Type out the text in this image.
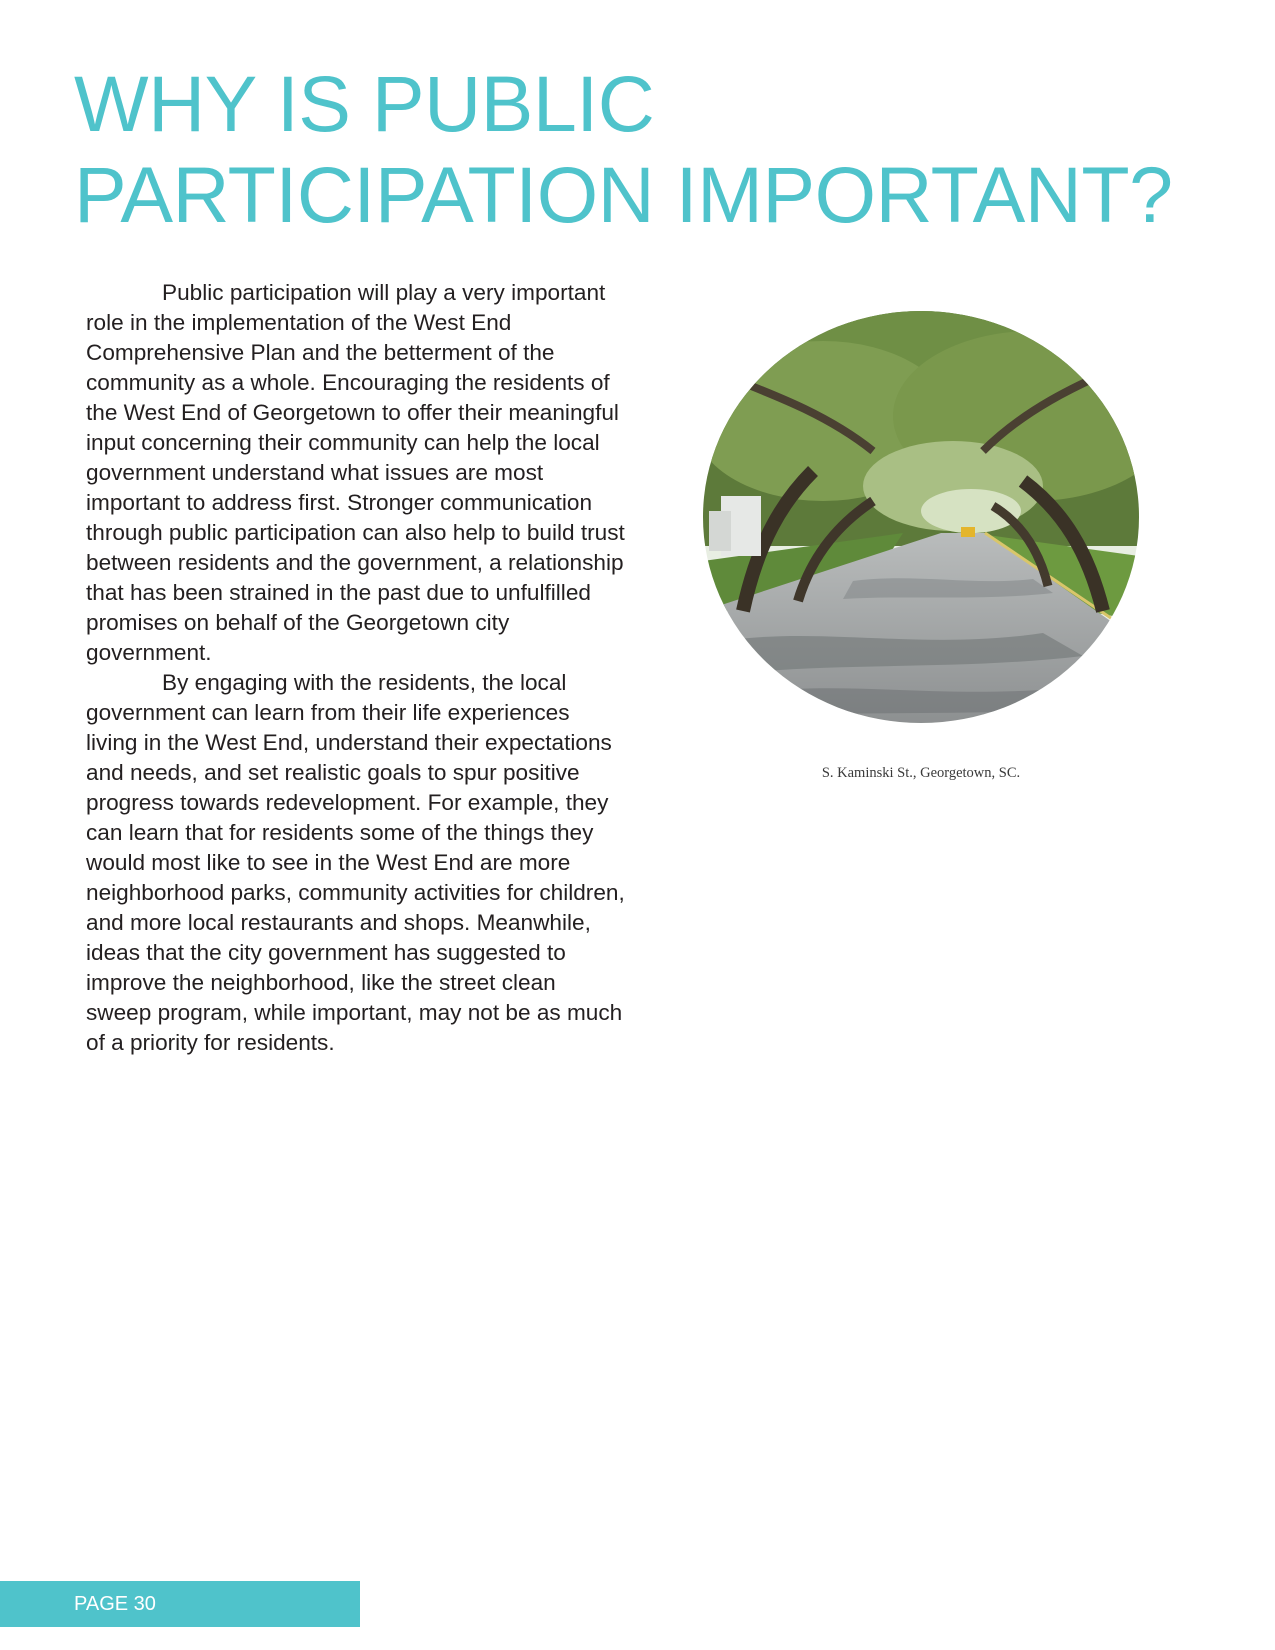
WHY IS PUBLIC
PARTICIPATION IMPORTANT?

Public participation will play a very important role in the implementation of the West End Comprehensive Plan and the betterment of the community as a whole. Encouraging the residents of the West End of Georgetown to offer their meaningful input concerning their community can help the local government understand what issues are most important to address first. Stronger communication through public participation can also help to build trust between residents and the government, a relationship that has been strained in the past due to unfulfilled promises on behalf of the Georgetown city government.

By engaging with the residents, the local government can learn from their life experiences living in the West End, understand their expectations and needs, and set realistic goals to spur positive progress towards redevelopment. For example, they can learn that for residents some of the things they would most like to see in the West End are more neighborhood parks, community activities for children, and more local restaurants and shops. Meanwhile, ideas that the city government has suggested to improve the neighborhood, like the street clean sweep program, while important, may not be as much of a priority for residents.

S. Kaminski St., Georgetown, SC.
PAGE 30
